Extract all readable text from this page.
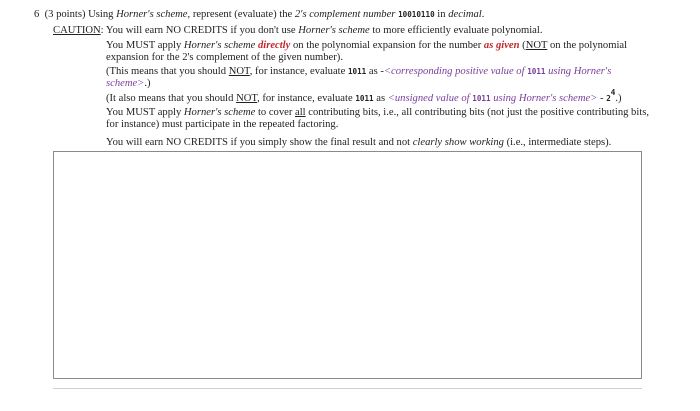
6 (3 points) Using Horner's scheme, represent (evaluate) the 2's complement number 10010110 in decimal.
CAUTION: You will earn NO CREDITS if you don't use Horner's scheme to more efficiently evaluate polynomial.
You MUST apply Horner's scheme directly on the polynomial expansion for the number as given (NOT on the polynomial expansion for the 2's complement of the given number).
(This means that you should NOT, for instance, evaluate 1011 as -<corresponding positive value of 1011 using Horner's scheme>.)
(It also means that you should NOT, for instance, evaluate 1011 as <unsigned value of 1011 using Horner's scheme> - $2^4$.)
You MUST apply Horner's scheme to cover all contributing bits, i.e., all contributing bits (not just the positive contributing bits, for instance) must participate in the repeated factoring.
You will earn NO CREDITS if you simply show the final result and not clearly show working (i.e., intermediate steps).
